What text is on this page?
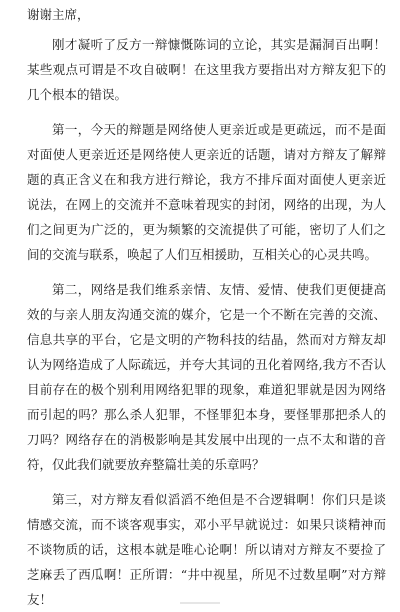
谢谢主席，

刚才凝听了反方一辩慷慨陈词的立论，其实是漏洞百出啊！某些观点可谓是不攻自破啊！在这里我方要指出对方辩友犯下的几个根本的错误。

第一，今天的辩题是网络使人更亲近或是更疏远，而不是面对面使人更亲近还是网络使人更亲近的话题，请对方辩友了解辩题的真正含义在和我方进行辩论，我方不排斥面对面使人更亲近说法，在网上的交流并不意味着现实的封闭，网络的出现，为人们之间更为广泛的，更为频繁的交流提供了可能，密切了人们之间的交流与联系，唤起了人们互相援助，互相关心的心灵共鸣。

第二，网络是我们维系亲情、友情、爱情、使我们更便捷高效的与亲人朋友沟通交流的媒介，它是一个不断在完善的交流、信息共享的平台，它是文明的产物科技的结晶，然而对方辩友却认为网络造成了人际疏远，并夸大其词的丑化着网络,我方不否认目前存在的极个别利用网络犯罪的现象，难道犯罪就是因为网络而引起的吗？那么杀人犯罪，不怪罪犯本身，要怪罪那把杀人的刀吗？网络存在的消极影响是其发展中出现的一点不太和谐的音符，仅此我们就要放弃整篇壮美的乐章吗？

第三，对方辩友看似滔滔不绝但是不合逻辑啊！你们只是谈情感交流，而不谈客观事实，邓小平早就说过：如果只谈精神而不谈物质的话，这根本就是唯心论啊！所以请对方辩友不要捡了芝麻丢了西瓜啊！正所谓：“井中视星，所见不过数星啊”对方辩友！
